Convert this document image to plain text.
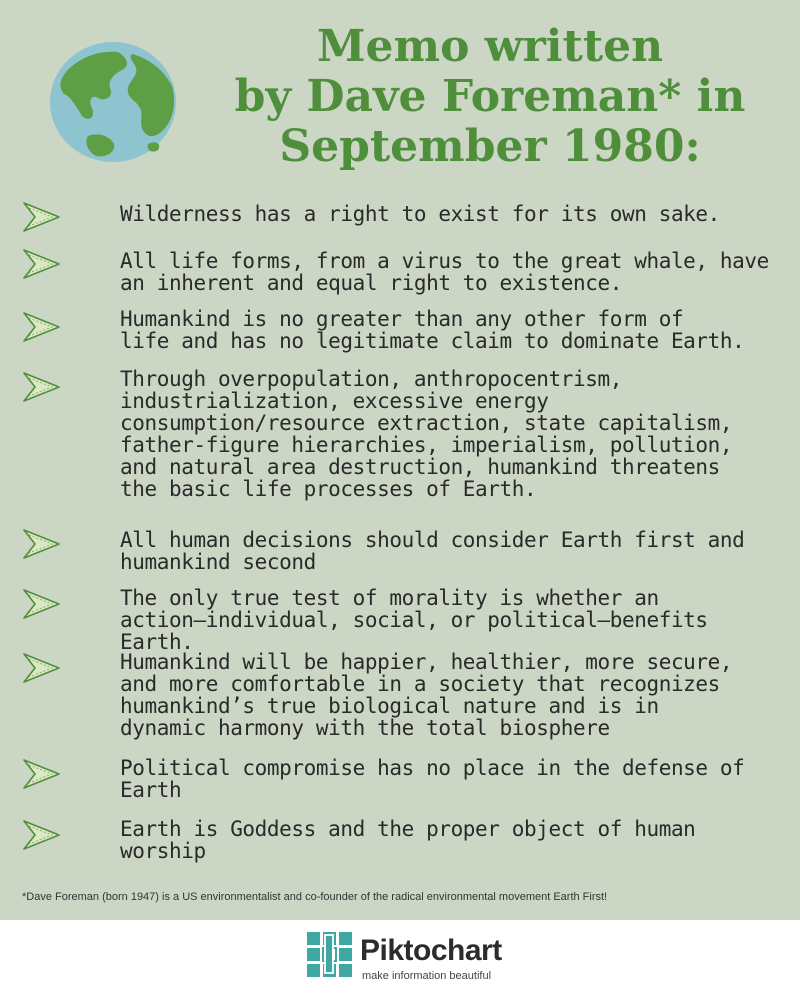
Memo written
by Dave Foreman* in
September 1980:
Wilderness has a right to exist for its own sake.
All life forms, from a virus to the great whale, have
an inherent and equal right to existence.
Humankind is no greater than any other form of
life and has no legitimate claim to dominate Earth.
Through overpopulation, anthropocentrism,
industrialization, excessive energy
consumption/resource extraction, state capitalism,
father-figure hierarchies, imperialism, pollution,
and natural area destruction, humankind threatens
the basic life processes of Earth.
All human decisions should consider Earth first and
humankind second
The only true test of morality is whether an
action—individual, social, or political—benefits Earth.
Humankind will be happier, healthier, more secure,
and more comfortable in a society that recognizes
humankind’s true biological nature and is in
dynamic harmony with the total biosphere
Political compromise has no place in the defense of
Earth
Earth is Goddess and the proper object of human
worship
*Dave Foreman (born 1947) is a US environmentalist and co-founder of the radical environmental movement Earth First!
Piktochart
make information beautiful
